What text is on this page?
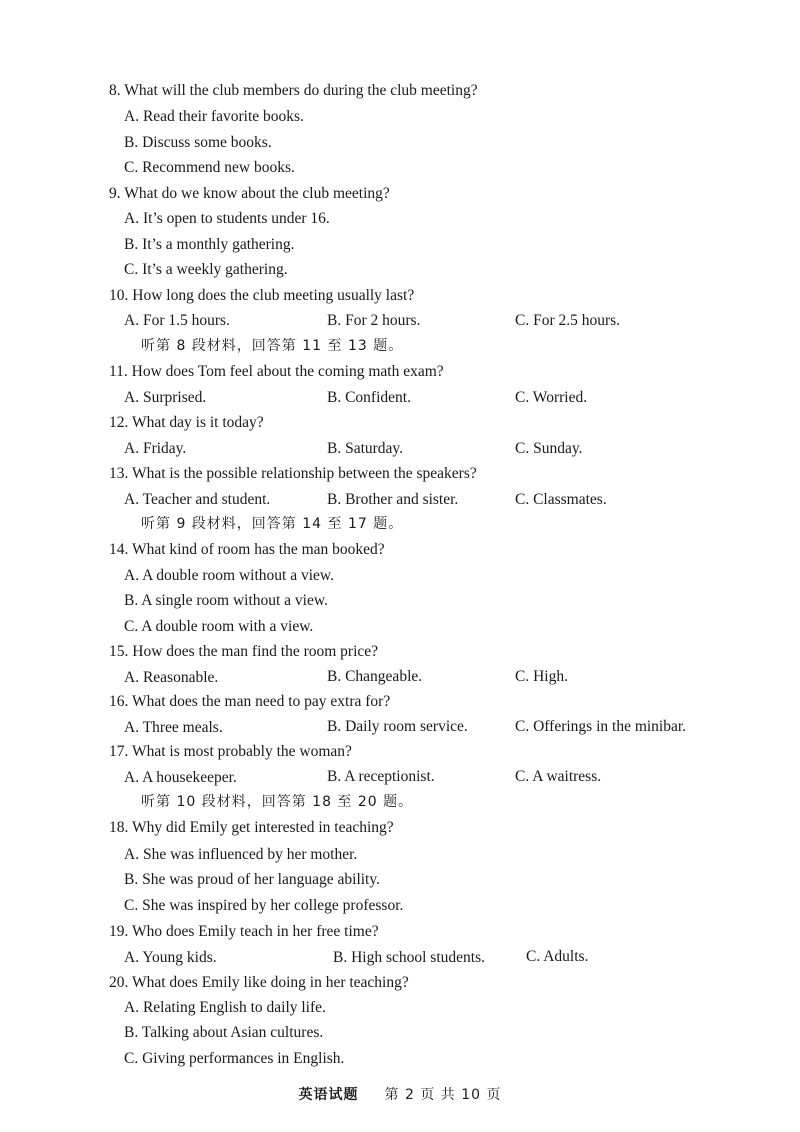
8. What will the club members do during the club meeting?
A. Read their favorite books.
B. Discuss some books.
C. Recommend new books.
9. What do we know about the club meeting?
A. It’s open to students under 16.
B. It’s a monthly gathering.
C. It’s a weekly gathering.
10. How long does the club meeting usually last?
A. For 1.5 hours.	B. For 2 hours.	C. For 2.5 hours.
听第 8 段材料，回答第 11 至 13 题。
11. How does Tom feel about the coming math exam?
A. Surprised.	B. Confident.	C. Worried.
12. What day is it today?
A. Friday.	B. Saturday.	C. Sunday.
13. What is the possible relationship between the speakers?
A. Teacher and student.	B. Brother and sister.	C. Classmates.
听第 9 段材料，回答第 14 至 17 题。
14. What kind of room has the man booked?
A. A double room without a view.
B. A single room without a view.
C. A double room with a view.
15. How does the man find the room price?
A. Reasonable.	B. Changeable.	C. High.
16. What does the man need to pay extra for?
A. Three meals.	B. Daily room service.	C. Offerings in the minibar.
17. What is most probably the woman?
A. A housekeeper.	B. A receptionist.	C. A waitress.
听第 10 段材料，回答第 18 至 20 题。
18. Why did Emily get interested in teaching?
A. She was influenced by her mother.
B. She was proud of her language ability.
C. She was inspired by her college professor.
19. Who does Emily teach in her free time?
A. Young kids.	B. High school students.	C. Adults.
20. What does Emily like doing in her teaching?
A. Relating English to daily life.
B. Talking about Asian cultures.
C. Giving performances in English.
英语试题 第 2 页 共 10 页
